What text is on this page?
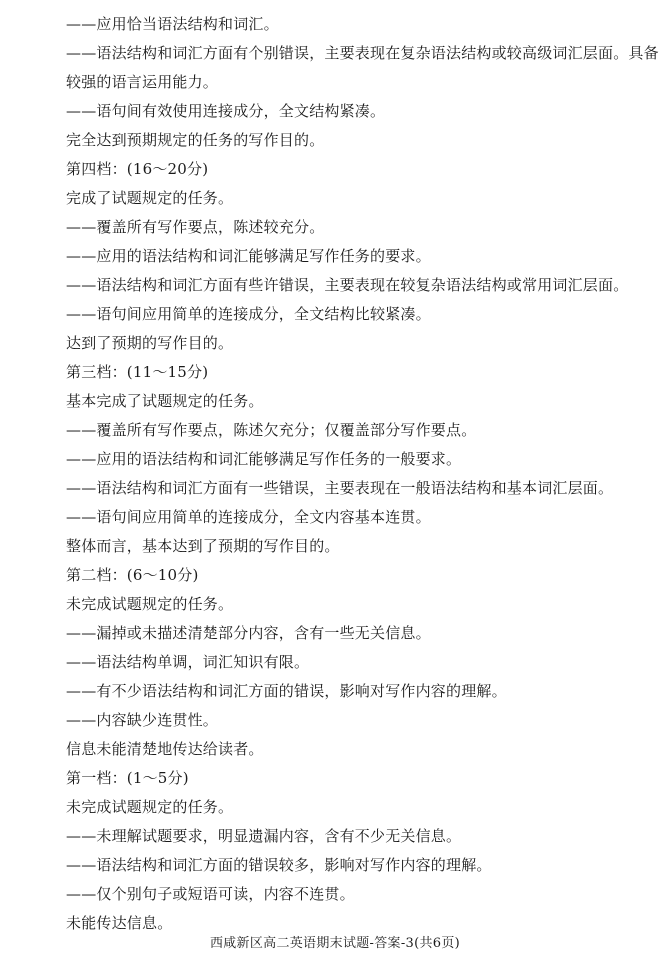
——应用恰当语法结构和词汇。
——语法结构和词汇方面有个别错误，主要表现在复杂语法结构或较高级词汇层面。具备较强的语言运用能力。
——语句间有效使用连接成分，全文结构紧凑。
完全达到预期规定的任务的写作目的。
第四档：(16～20分)
完成了试题规定的任务。
——覆盖所有写作要点，陈述较充分。
——应用的语法结构和词汇能够满足写作任务的要求。
——语法结构和词汇方面有些许错误，主要表现在较复杂语法结构或常用词汇层面。
——语句间应用简单的连接成分，全文结构比较紧凑。
达到了预期的写作目的。
第三档：(11～15分)
基本完成了试题规定的任务。
——覆盖所有写作要点，陈述欠充分；仅覆盖部分写作要点。
——应用的语法结构和词汇能够满足写作任务的一般要求。
——语法结构和词汇方面有一些错误，主要表现在一般语法结构和基本词汇层面。
——语句间应用简单的连接成分，全文内容基本连贯。
整体而言，基本达到了预期的写作目的。
第二档：(6～10分)
未完成试题规定的任务。
——漏掉或未描述清楚部分内容，含有一些无关信息。
——语法结构单调，词汇知识有限。
——有不少语法结构和词汇方面的错误，影响对写作内容的理解。
——内容缺少连贯性。
信息未能清楚地传达给读者。
第一档：(1～5分)
未完成试题规定的任务。
——未理解试题要求，明显遗漏内容，含有不少无关信息。
——语法结构和词汇方面的错误较多，影响对写作内容的理解。
——仅个别句子或短语可读，内容不连贯。
未能传达信息。
西咸新区高二英语期末试题-答案-3(共6页)
